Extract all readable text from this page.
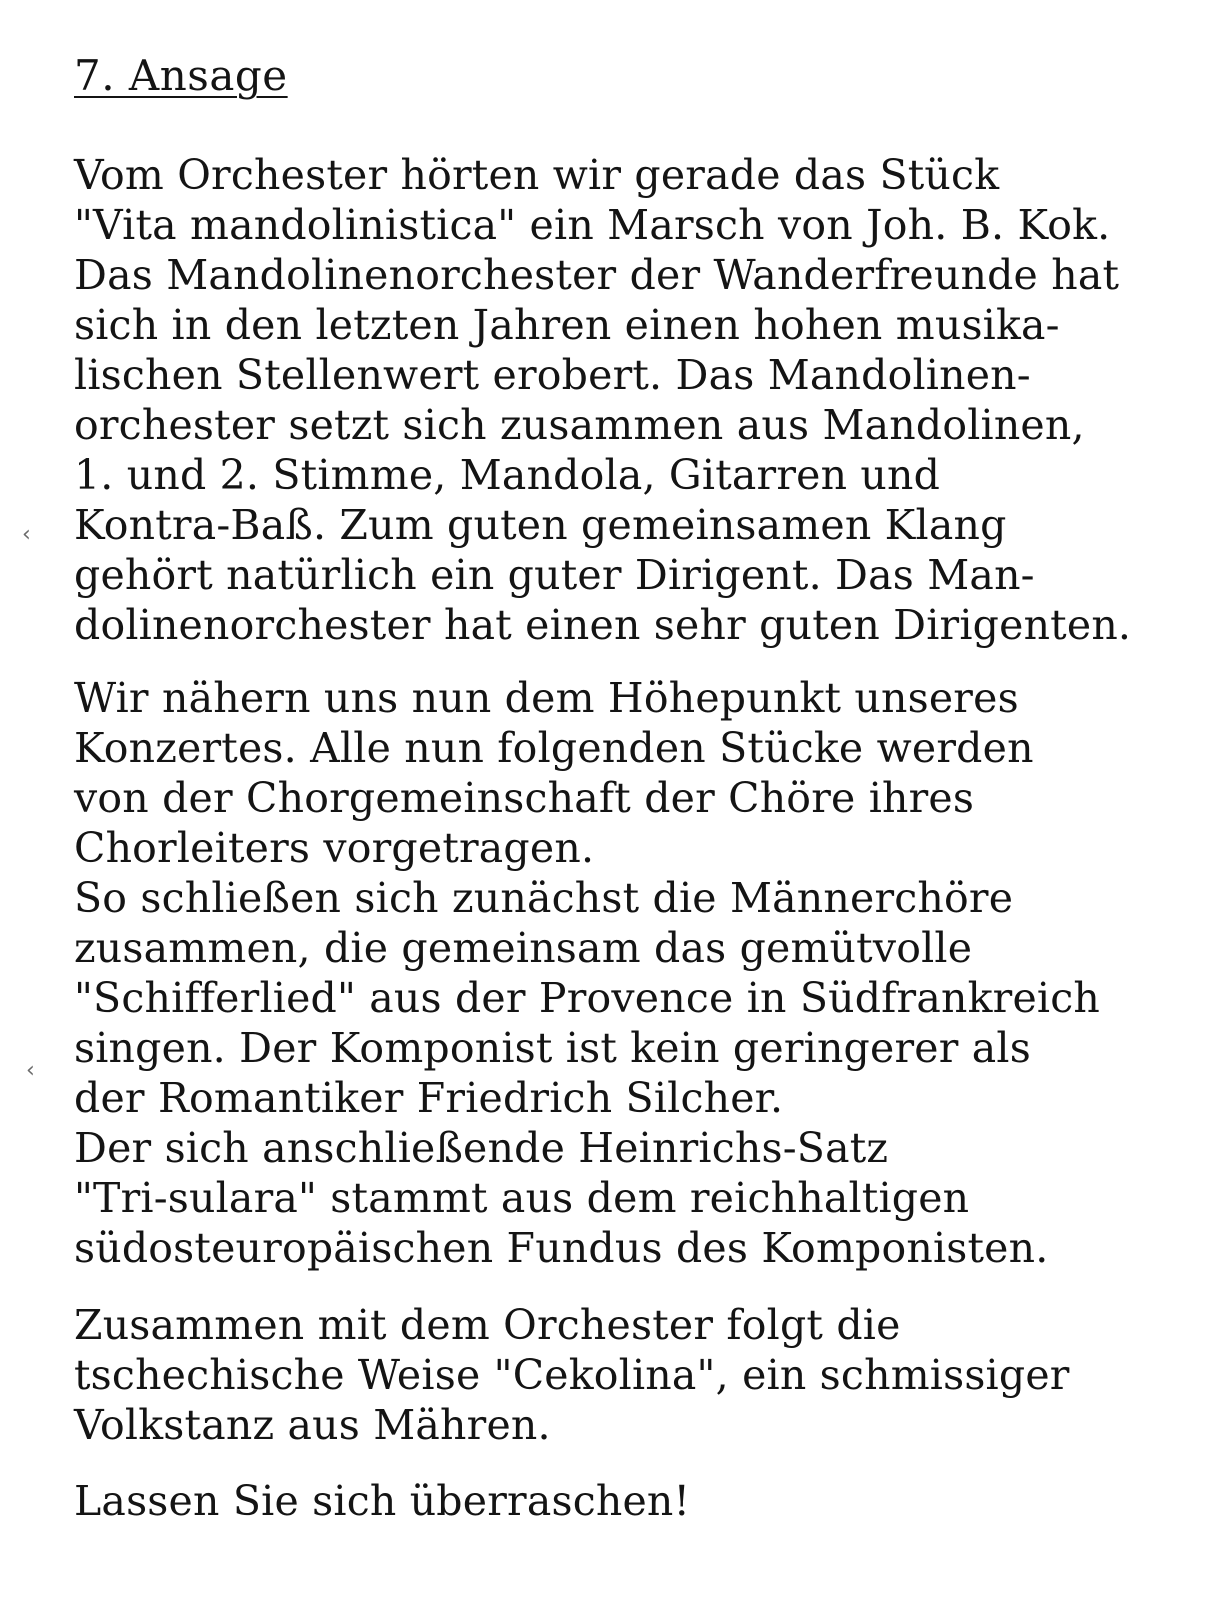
7. Ansage
Vom Orchester hörten wir gerade das Stück
"Vita mandolinistica" ein Marsch von Joh. B. Kok.
Das Mandolinenorchester der Wanderfreunde hat
sich in den letzten Jahren einen hohen musika-
lischen Stellenwert erobert. Das Mandolinen-
orchester setzt sich zusammen aus Mandolinen,
1. und 2. Stimme, Mandola, Gitarren und
Kontra-Baß. Zum guten gemeinsamen Klang
gehört natürlich ein guter Dirigent. Das Man-
dolinenorchester hat einen sehr guten Dirigenten.
Wir nähern uns nun dem Höhepunkt unseres
Konzertes. Alle nun folgenden Stücke werden
von der Chorgemeinschaft der Chöre ihres
Chorleiters vorgetragen.
So schließen sich zunächst die Männerchöre
zusammen, die gemeinsam das gemütvolle
"Schifferlied" aus der Provence in Südfrankreich
singen. Der Komponist ist kein geringerer als
der Romantiker Friedrich Silcher.
Der sich anschließende Heinrichs-Satz
"Tri-sulara" stammt aus dem reichhaltigen
südosteuropäischen Fundus des Komponisten.
Zusammen mit dem Orchester folgt die
tschechische Weise "Cekolina", ein schmissiger
Volkstanz aus Mähren.
Lassen Sie sich überraschen!
‹
‹
